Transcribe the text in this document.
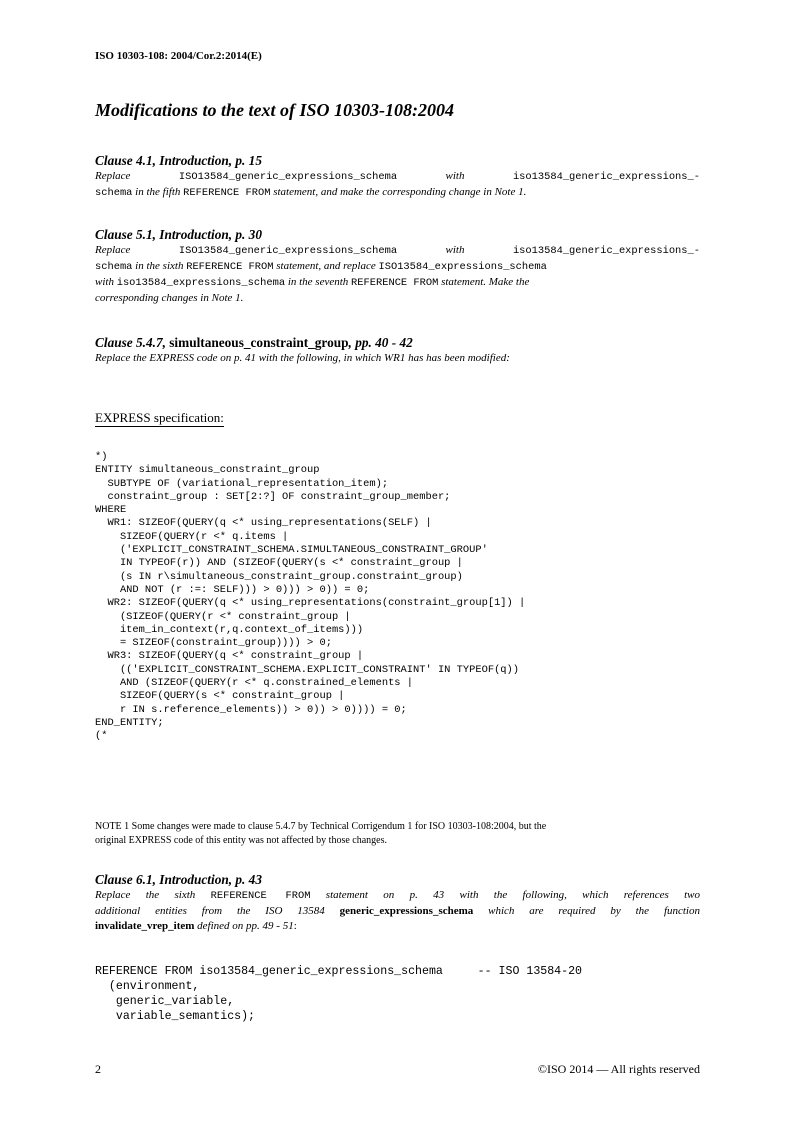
ISO 10303-108: 2004/Cor.2:2014(E)
Modifications to the text of ISO 10303-108:2004
Clause 4.1, Introduction, p. 15
Replace ISO13584_generic_expressions_schema with iso13584_generic_expressions_-
schema in the fifth REFERENCE FROM statement, and make the corresponding change in Note 1.
Clause 5.1, Introduction, p. 30
Replace ISO13584_generic_expressions_schema with iso13584_generic_expressions_-
schema in the sixth REFERENCE FROM statement, and replace ISO13584_expressions_schema
with iso13584_expressions_schema in the seventh REFERENCE FROM statement. Make the
corresponding changes in Note 1.
Clause 5.4.7, simultaneous_constraint_group, pp. 40 - 42
Replace the EXPRESS code on p. 41 with the following, in which WR1 has has been modified:
EXPRESS specification:
*)
ENTITY simultaneous_constraint_group
SUBTYPE OF (variational_representation_item);
constraint_group : SET[2:?] OF constraint_group_member;
WHERE
WR1: SIZEOF(QUERY(q <* using_representations(SELF) |
SIZEOF(QUERY(r <* q.items |
('EXPLICIT_CONSTRAINT_SCHEMA.SIMULTANEOUS_CONSTRAINT_GROUP'
IN TYPEOF(r)) AND (SIZEOF(QUERY(s <* constraint_group |
(s IN r\simultaneous_constraint_group.constraint_group)
AND NOT (r :=: SELF))) > 0))) > 0)) = 0;
WR2: SIZEOF(QUERY(q <* using_representations(constraint_group[1]) |
(SIZEOF(QUERY(r <* constraint_group |
item_in_context(r,q.context_of_items)))
= SIZEOF(constraint_group)))) > 0;
WR3: SIZEOF(QUERY(q <* constraint_group |
(('EXPLICIT_CONSTRAINT_SCHEMA.EXPLICIT_CONSTRAINT' IN TYPEOF(q))
AND (SIZEOF(QUERY(r <* q.constrained_elements |
SIZEOF(QUERY(s <* constraint_group |
r IN s.reference_elements)) > 0)) > 0)))) = 0;
END_ENTITY;
(*
NOTE 1 Some changes were made to clause 5.4.7 by Technical Corrigendum 1 for ISO 10303-108:2004, but the
original EXPRESS code of this entity was not affected by those changes.
Clause 6.1, Introduction, p. 43
Replace the sixth REFERENCE FROM statement on p. 43 with the following, which references two
additional entities from the ISO 13584 generic_expressions_schema which are required by the function
invalidate_vrep_item defined on pp. 49 - 51:
REFERENCE FROM iso13584_generic_expressions_schema     -- ISO 13584-20
(environment,
generic_variable,
variable_semantics);
2	©ISO 2014 — All rights reserved
